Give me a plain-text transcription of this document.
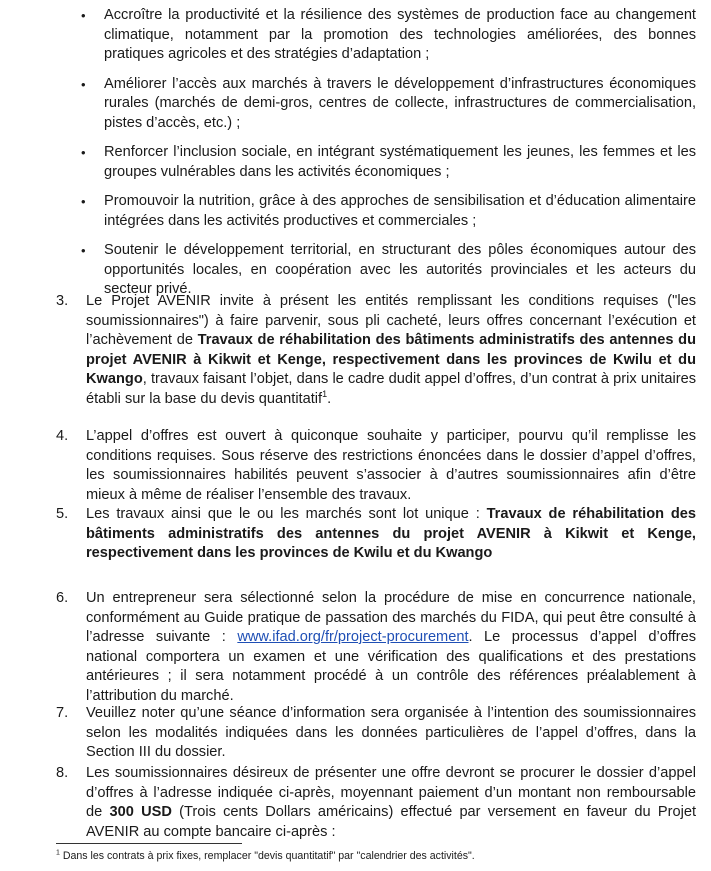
• Accroître la productivité et la résilience des systèmes de production face au changement climatique, notamment par la promotion des technologies améliorées, des bonnes pratiques agricoles et des stratégies d’adaptation ;
• Améliorer l’accès aux marchés à travers le développement d’infrastructures économiques rurales (marchés de demi-gros, centres de collecte, infrastructures de commercialisation, pistes d’accès, etc.) ;
• Renforcer l’inclusion sociale, en intégrant systématiquement les jeunes, les femmes et les groupes vulnérables dans les activités économiques ;
• Promouvoir la nutrition, grâce à des approches de sensibilisation et d’éducation alimentaire intégrées dans les activités productives et commerciales ;
• Soutenir le développement territorial, en structurant des pôles économiques autour des opportunités locales, en coopération avec les autorités provinciales et les acteurs du secteur privé.
3. Le Projet AVENIR invite à présent les entités remplissant les conditions requises ("les soumissionnaires") à faire parvenir, sous pli cacheté, leurs offres concernant l’exécution et l’achèvement de Travaux de réhabilitation des bâtiments administratifs des antennes du projet AVENIR à Kikwit et Kenge, respectivement dans les provinces de Kwilu et du Kwango, travaux faisant l’objet, dans le cadre dudit appel d’offres, d’un contrat à prix unitaires établi sur la base du devis quantitatif$^1$.
4. L’appel d’offres est ouvert à quiconque souhaite y participer, pourvu qu’il remplisse les conditions requises. Sous réserve des restrictions énoncées dans le dossier d’appel d’offres, les soumissionnaires habilités peuvent s’associer à d’autres soumissionnaires afin d’être mieux à même de réaliser l’ensemble des travaux.
5. Les travaux ainsi que le ou les marchés sont lot unique : Travaux de réhabilitation des bâtiments administratifs des antennes du projet AVENIR à Kikwit et Kenge, respectivement dans les provinces de Kwilu et du Kwango
6. Un entrepreneur sera sélectionné selon la procédure de mise en concurrence nationale, conformément au Guide pratique de passation des marchés du FIDA, qui peut être consulté à l’adresse suivante : www.ifad.org/fr/project-procurement. Le processus d’appel d’offres national comportera un examen et une vérification des qualifications et des prestations antérieures ; il sera notamment procédé à un contrôle des références préalablement à l’attribution du marché.
7. Veuillez noter qu’une séance d’information sera organisée à l’intention des soumissionnaires selon les modalités indiquées dans les données particulières de l’appel d’offres, dans la Section III du dossier.
8. Les soumissionnaires désireux de présenter une offre devront se procurer le dossier d’appel d’offres à l’adresse indiquée ci-après, moyennant paiement d’un montant non remboursable de 300 USD (Trois cents Dollars américains) effectué par versement en faveur du Projet AVENIR au compte bancaire ci-après :
$^1$ Dans les contrats à prix fixes, remplacer "devis quantitatif" par "calendrier des activités".
